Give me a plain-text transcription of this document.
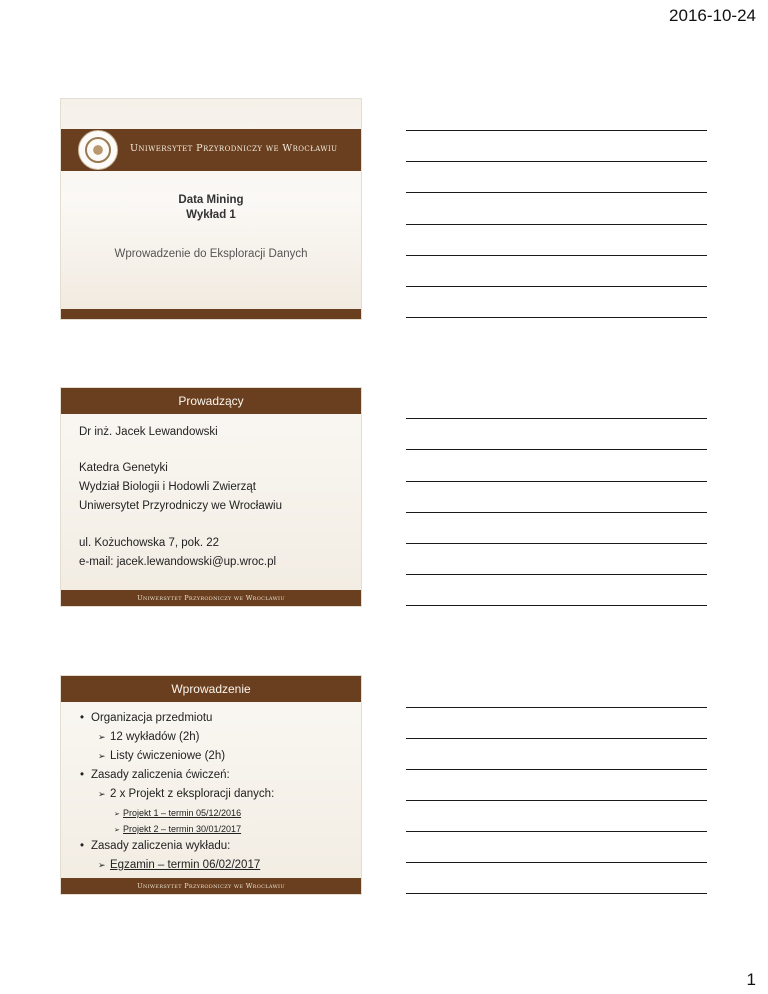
2016-10-24
Uniwersytet Przyrodniczy we Wrocławiu
Data Mining
Wykład 1
Wprowadzenie do Eksploracji Danych
Prowadzący
Dr inż. Jacek Lewandowski
Katedra Genetyki
Wydział Biologii i Hodowli Zwierząt
Uniwersytet Przyrodniczy we Wrocławiu
ul. Kożuchowska 7, pok. 22
e-mail: jacek.lewandowski@up.wroc.pl
Uniwersytet Przyrodniczy we Wrocławiu
Wprowadzenie
• Organizacja przedmiotu
➢ 12 wykładów (2h)
➢ Listy ćwiczeniowe (2h)
• Zasady zaliczenia ćwiczeń:
➢ 2 x Projekt z eksploracji danych:
➢ Projekt 1 – termin 05/12/2016
➢ Projekt 2 – termin 30/01/2017
• Zasady zaliczenia wykładu:
➢ Egzamin – termin 06/02/2017
Uniwersytet Przyrodniczy we Wrocławiu
1
